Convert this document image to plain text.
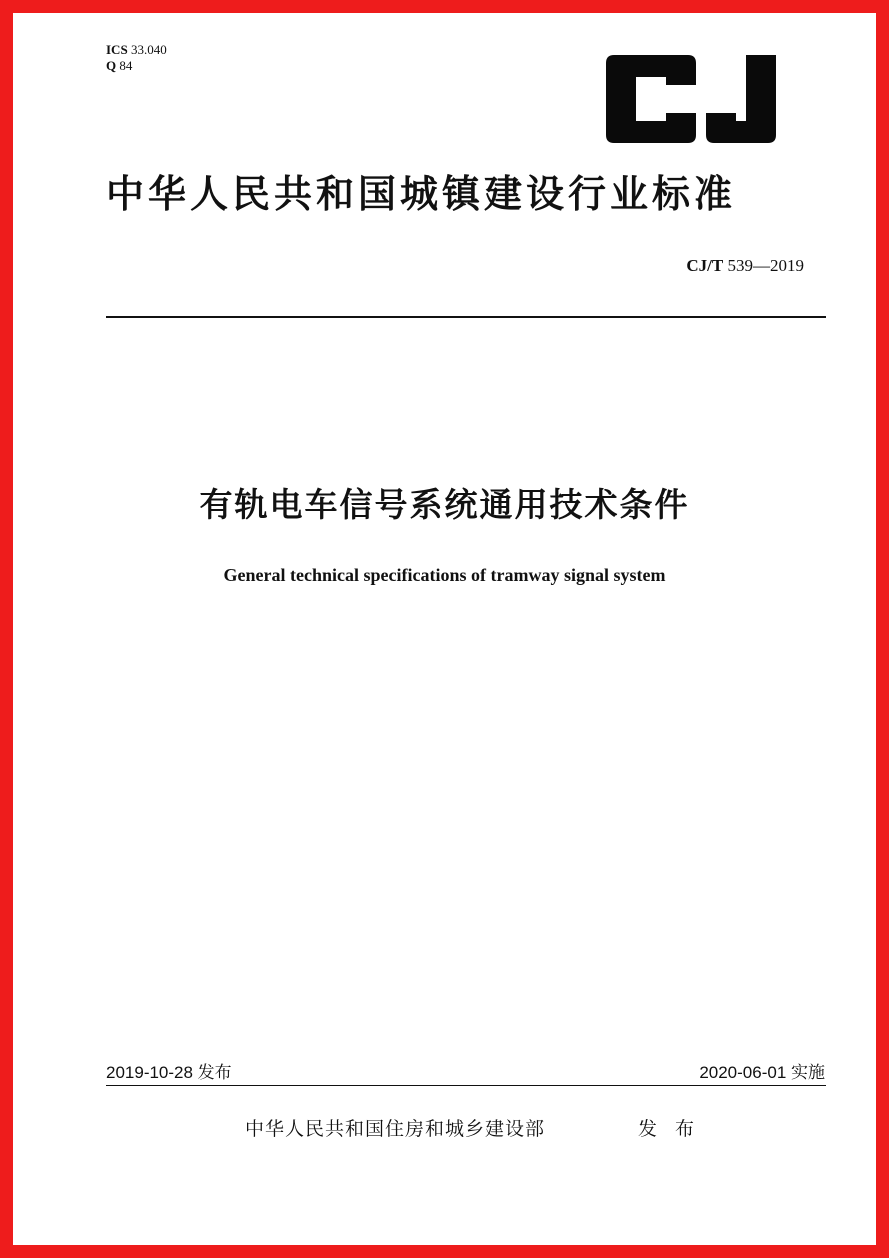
ICS 33.040
Q 84
中华人民共和国城镇建设行业标准
CJ/T 539—2019
有轨电车信号系统通用技术条件
General technical specifications of tramway signal system
2019-10-28 发布	2020-06-01 实施
中华人民共和国住房和城乡建设部	发 布
